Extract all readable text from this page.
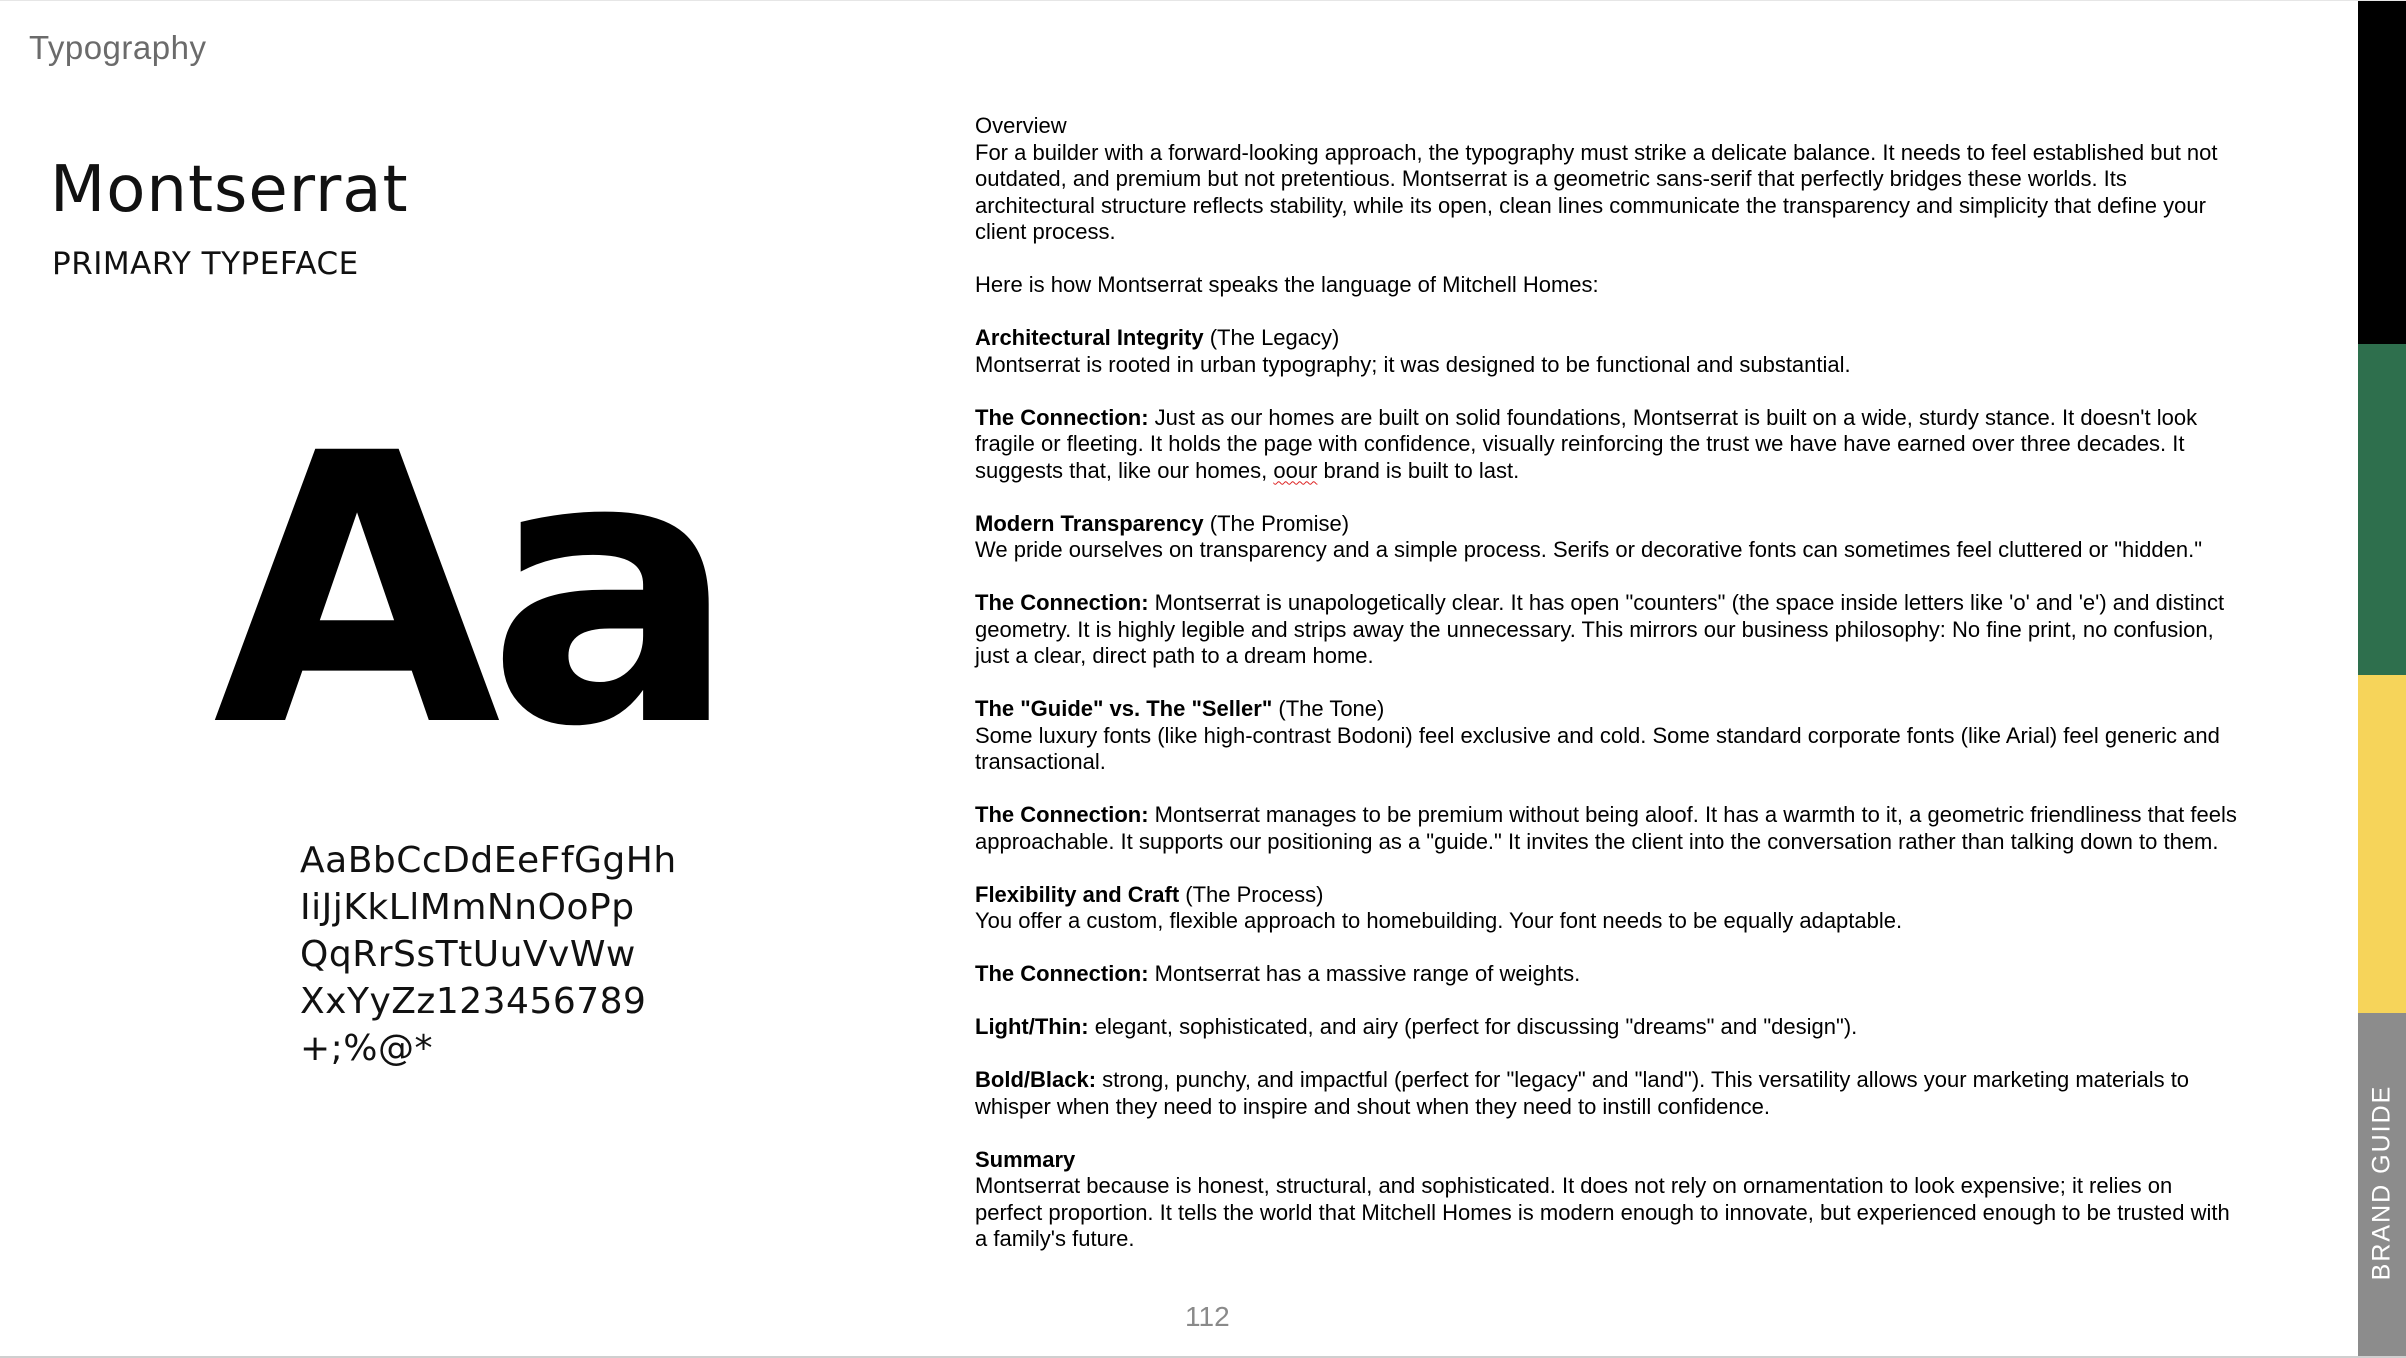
Typography
Montserrat
PRIMARY TYPEFACE
Aa
AaBbCcDdEeFfGgHh
IiJjKkLlMmNnOoPp
QqRrSsTtUuVvWw
XxYyZz123456789
+;%@*
Overview
For a builder with a forward-looking approach, the typography must strike a delicate balance. It needs to feel established but not
outdated, and premium but not pretentious. Montserrat is a geometric sans-serif that perfectly bridges these worlds. Its
architectural structure reflects stability, while its open, clean lines communicate the transparency and simplicity that define your
client process.
Here is how Montserrat speaks the language of Mitchell Homes:
Architectural Integrity (The Legacy)
Montserrat is rooted in urban typography; it was designed to be functional and substantial.
The Connection: Just as our homes are built on solid foundations, Montserrat is built on a wide, sturdy stance. It doesn't look
fragile or fleeting. It holds the page with confidence, visually reinforcing the trust we have have earned over three decades. It
suggests that, like our homes, oour brand is built to last.
Modern Transparency (The Promise)
We pride ourselves on transparency and a simple process. Serifs or decorative fonts can sometimes feel cluttered or "hidden."
The Connection: Montserrat is unapologetically clear. It has open "counters" (the space inside letters like 'o' and 'e') and distinct
geometry. It is highly legible and strips away the unnecessary. This mirrors our business philosophy: No fine print, no confusion,
just a clear, direct path to a dream home.
The "Guide" vs. The "Seller" (The Tone)
Some luxury fonts (like high-contrast Bodoni) feel exclusive and cold. Some standard corporate fonts (like Arial) feel generic and
transactional.
The Connection: Montserrat manages to be premium without being aloof. It has a warmth to it, a geometric friendliness that feels
approachable. It supports our positioning as a "guide." It invites the client into the conversation rather than talking down to them.
Flexibility and Craft (The Process)
You offer a custom, flexible approach to homebuilding. Your font needs to be equally adaptable.
The Connection: Montserrat has a massive range of weights.
Light/Thin: elegant, sophisticated, and airy (perfect for discussing "dreams" and "design").
Bold/Black: strong, punchy, and impactful (perfect for "legacy" and "land"). This versatility allows your marketing materials to
whisper when they need to inspire and shout when they need to instill confidence.
Summary
Montserrat because is honest, structural, and sophisticated. It does not rely on ornamentation to look expensive; it relies on
perfect proportion. It tells the world that Mitchell Homes is modern enough to innovate, but experienced enough to be trusted with
a family's future.
112
BRAND GUIDE
